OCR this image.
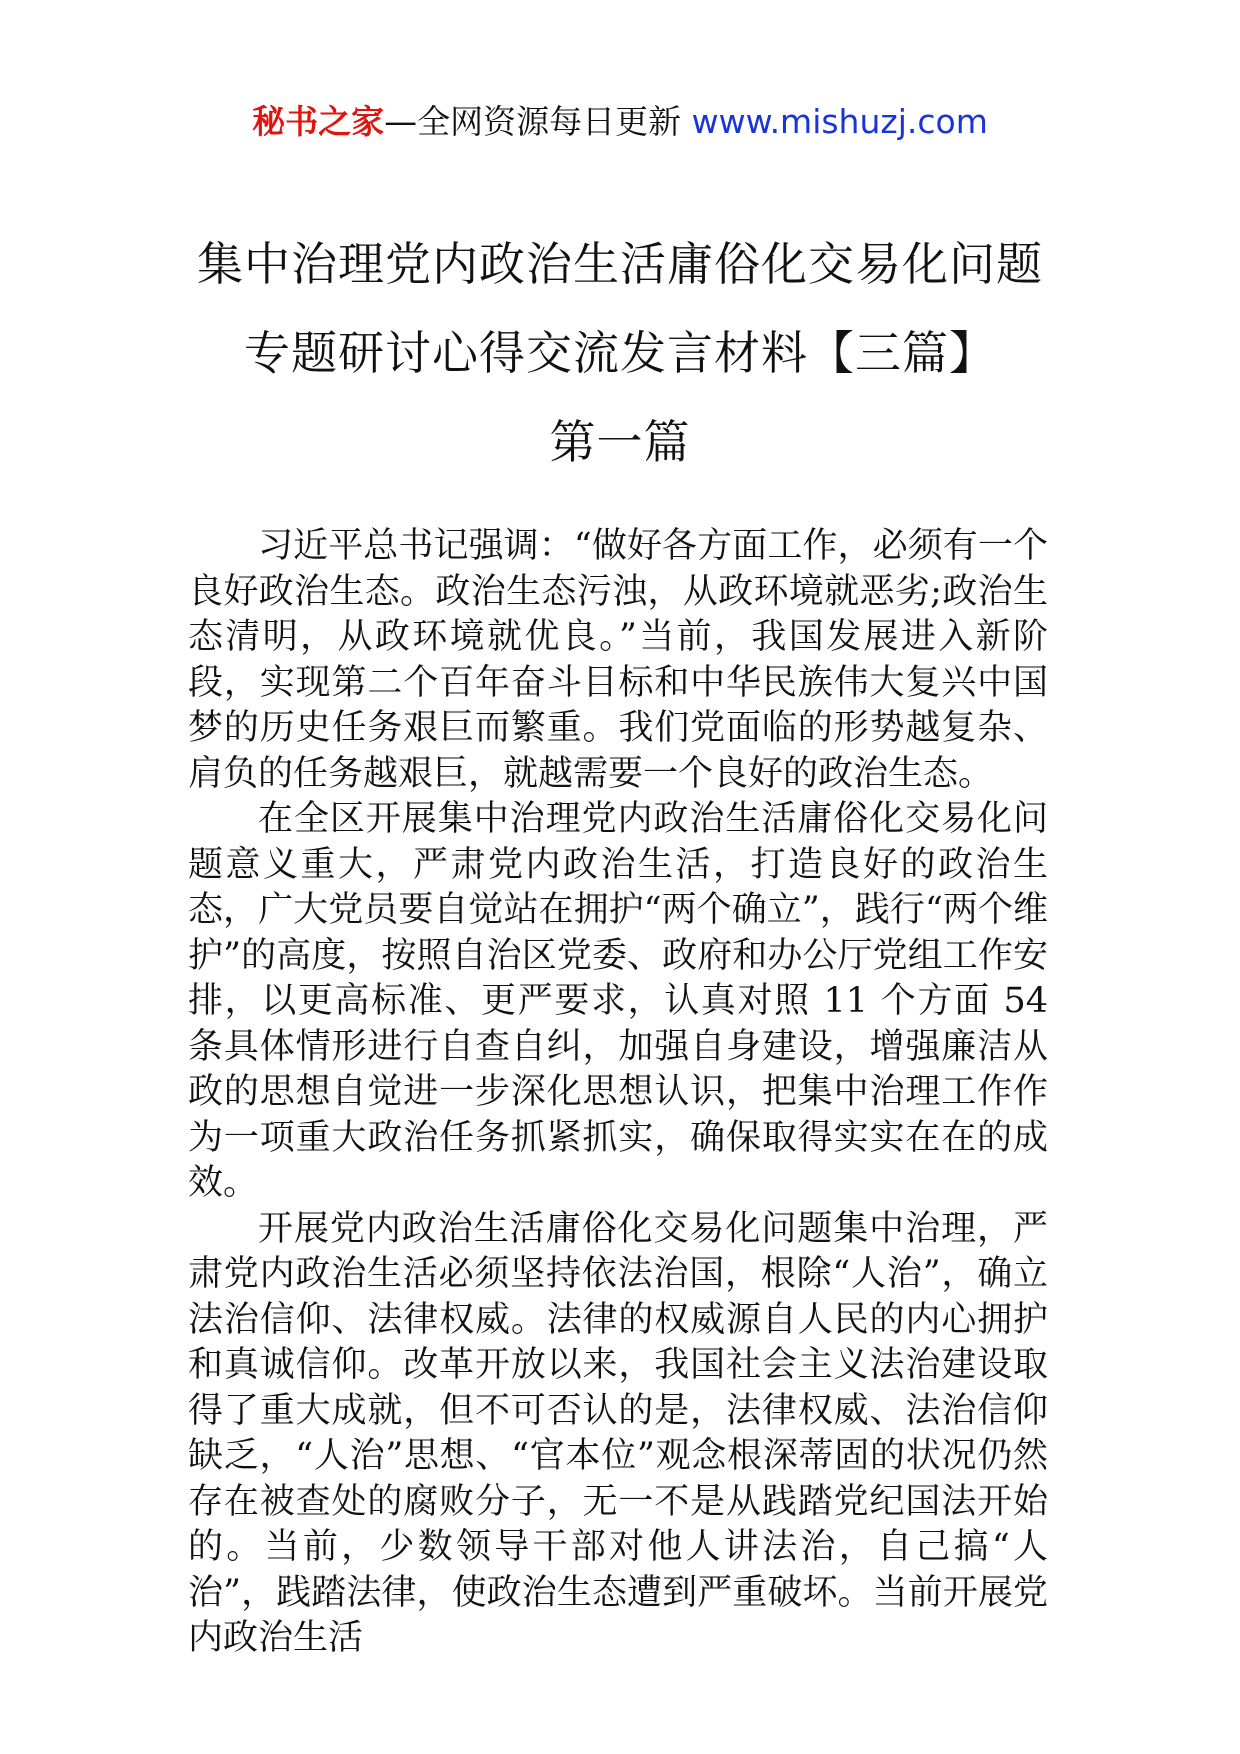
秘书之家—全网资源每日更新 www.mishuzj.com
集中治理党内政治生活庸俗化交易化问题
专题研讨心得交流发言材料【三篇】
第一篇

习近平总书记强调：“做好各方面工作，必须有一个良好政治生态。政治生态污浊，从政环境就恶劣;政治生态清明，从政环境就优良。”当前，我国发展进入新阶段，实现第二个百年奋斗目标和中华民族伟大复兴中国梦的历史任务艰巨而繁重。我们党面临的形势越复杂、肩负的任务越艰巨，就越需要一个良好的政治生态。

在全区开展集中治理党内政治生活庸俗化交易化问题意义重大，严肃党内政治生活，打造良好的政治生态，广大党员要自觉站在拥护“两个确立”，践行“两个维护”的高度，按照自治区党委、政府和办公厅党组工作安排，以更高标准、更严要求，认真对照 11 个方面 54 条具体情形进行自查自纠，加强自身建设，增强廉洁从政的思想自觉进一步深化思想认识，把集中治理工作作为一项重大政治任务抓紧抓实，确保取得实实在在的成效。

开展党内政治生活庸俗化交易化问题集中治理，严肃党内政治生活必须坚持依法治国，根除“人治”，确立法治信仰、法律权威。法律的权威源自人民的内心拥护和真诚信仰。改革开放以来，我国社会主义法治建设取得了重大成就，但不可否认的是，法律权威、法治信仰缺乏，“人治”思想、“官本位”观念根深蒂固的状况仍然存在被查处的腐败分子，无一不是从践踏党纪国法开始的。当前，少数领导干部对他人讲法治，自己搞“人治”，践踏法律，使政治生态遭到严重破坏。当前开展党内政治生活
